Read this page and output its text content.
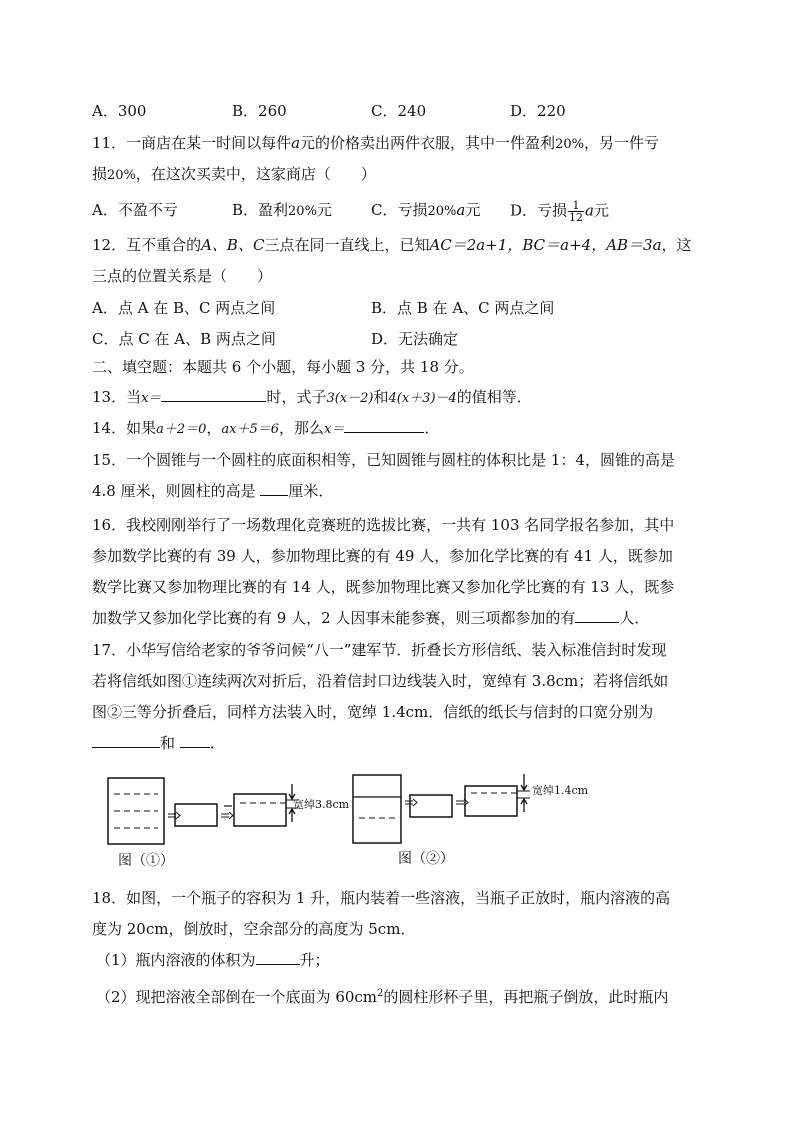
A．300	B．260	C．240	D．220
11．一商店在某一时间以每件a元的价格卖出两件衣服，其中一件盈利20%，另一件亏
损20%，在这次买卖中，这家商店（　　）
A．不盈不亏	B．盈利20%元	C．亏损20%a元 D．亏损 $\frac{1}{12}$ a元
12．互不重合的A、B、C三点在同一直线上，已知AC＝2a+1，BC＝a+4，AB＝3a，这
三点的位置关系是（　　）
A．点 A 在 B、C 两点之间	B．点 B 在 A、C 两点之间
C．点 C 在 A、B 两点之间	D．无法确定
二、填空题：本题共 6 个小题，每小题 3 分，共 18 分。
13．当x＝	时，式子3(x－2)和4(x＋3)－4的值相等．
14．如果a＋2＝0，ax＋5＝6，那么x＝	．
15．一个圆锥与一个圆柱的底面积相等，已知圆锥与圆柱的体积比是 1：4，圆锥的高是
4.8 厘米，则圆柱的高是 厘米．
16．我校刚刚举行了一场数理化竞赛班的选拔比赛，一共有 103 名同学报名参加，其中
参加数学比赛的有 39 人，参加物理比赛的有 49 人，参加化学比赛的有 41 人，既参加
数学比赛又参加物理比赛的有 14 人，既参加物理比赛又参加化学比赛的有 13 人，既参
加数学又参加化学比赛的有 9 人，2 人因事未能参赛，则三项都参加的有	人．
17．小华写信给老家的爷爷问候“八一”建军节．折叠长方形信纸、装入标准信封时发现
若将信纸如图①连续两次对折后，沿着信封口边线装入时，宽绰有 3.8cm；若将信纸如
图②三等分折叠后，同样方法装入时，宽绰 1.4cm．信纸的纸长与信封的口宽分别为
和 ．
宽绰3.8cm
图（①）
宽绰1.4cm
图（②）
18．如图，一个瓶子的容积为 1 升，瓶内装着一些溶液，当瓶子正放时，瓶内溶液的高
度为 20cm，倒放时，空余部分的高度为 5cm．
（1）瓶内溶液的体积为	升；
（2）现把溶液全部倒在一个底面为 $60cm^2$的圆柱形杯子里，再把瓶子倒放，此时瓶内
